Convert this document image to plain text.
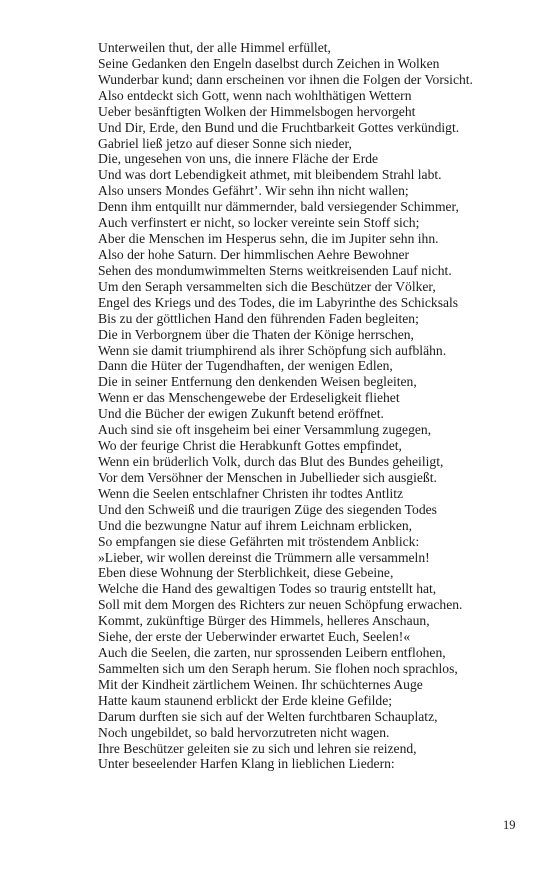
Unterweilen thut, der alle Himmel erfüllet,
Seine Gedanken den Engeln daselbst durch Zeichen in Wolken
Wunderbar kund; dann erscheinen vor ihnen die Folgen der Vorsicht.
Also entdeckt sich Gott, wenn nach wohlthätigen Wettern
Ueber besänftigten Wolken der Himmelsbogen hervorgeht
Und Dir, Erde, den Bund und die Fruchtbarkeit Gottes verkündigt.
Gabriel ließ jetzo auf dieser Sonne sich nieder,
Die, ungesehen von uns, die innere Fläche der Erde
Und was dort Lebendigkeit athmet, mit bleibendem Strahl labt.
Also unsers Mondes Gefährt’. Wir sehn ihn nicht wallen;
Denn ihm entquillt nur dämmernder, bald versiegender Schimmer,
Auch verfinstert er nicht, so locker vereinte sein Stoff sich;
Aber die Menschen im Hesperus sehn, die im Jupiter sehn ihn.
Also der hohe Saturn. Der himmlischen Aehre Bewohner
Sehen des mondumwimmelten Sterns weitkreisenden Lauf nicht.
Um den Seraph versammelten sich die Beschützer der Völker,
Engel des Kriegs und des Todes, die im Labyrinthe des Schicksals
Bis zu der göttlichen Hand den führenden Faden begleiten;
Die in Verborgnem über die Thaten der Könige herrschen,
Wenn sie damit triumphirend als ihrer Schöpfung sich aufblähn.
Dann die Hüter der Tugendhaften, der wenigen Edlen,
Die in seiner Entfernung den denkenden Weisen begleiten,
Wenn er das Menschengewebe der Erdeseligkeit fliehet
Und die Bücher der ewigen Zukunft betend eröffnet.
Auch sind sie oft insgeheim bei einer Versammlung zugegen,
Wo der feurige Christ die Herabkunft Gottes empfindet,
Wenn ein brüderlich Volk, durch das Blut des Bundes geheiligt,
Vor dem Versöhner der Menschen in Jubellieder sich ausgießt.
Wenn die Seelen entschlafner Christen ihr todtes Antlitz
Und den Schweiß und die traurigen Züge des siegenden Todes
Und die bezwungne Natur auf ihrem Leichnam erblicken,
So empfangen sie diese Gefährten mit tröstendem Anblick:
»Lieber, wir wollen dereinst die Trümmern alle versammeln!
Eben diese Wohnung der Sterblichkeit, diese Gebeine,
Welche die Hand des gewaltigen Todes so traurig entstellt hat,
Soll mit dem Morgen des Richters zur neuen Schöpfung erwachen.
Kommt, zukünftige Bürger des Himmels, helleres Anschaun,
Siehe, der erste der Ueberwinder erwartet Euch, Seelen!«
Auch die Seelen, die zarten, nur sprossenden Leibern entflohen,
Sammelten sich um den Seraph herum. Sie flohen noch sprachlos,
Mit der Kindheit zärtlichem Weinen. Ihr schüchternes Auge
Hatte kaum staunend erblickt der Erde kleine Gefilde;
Darum durften sie sich auf der Welten furchtbaren Schauplatz,
Noch ungebildet, so bald hervorzutreten nicht wagen.
Ihre Beschützer geleiten sie zu sich und lehren sie reizend,
Unter beseelender Harfen Klang in lieblichen Liedern:
19
